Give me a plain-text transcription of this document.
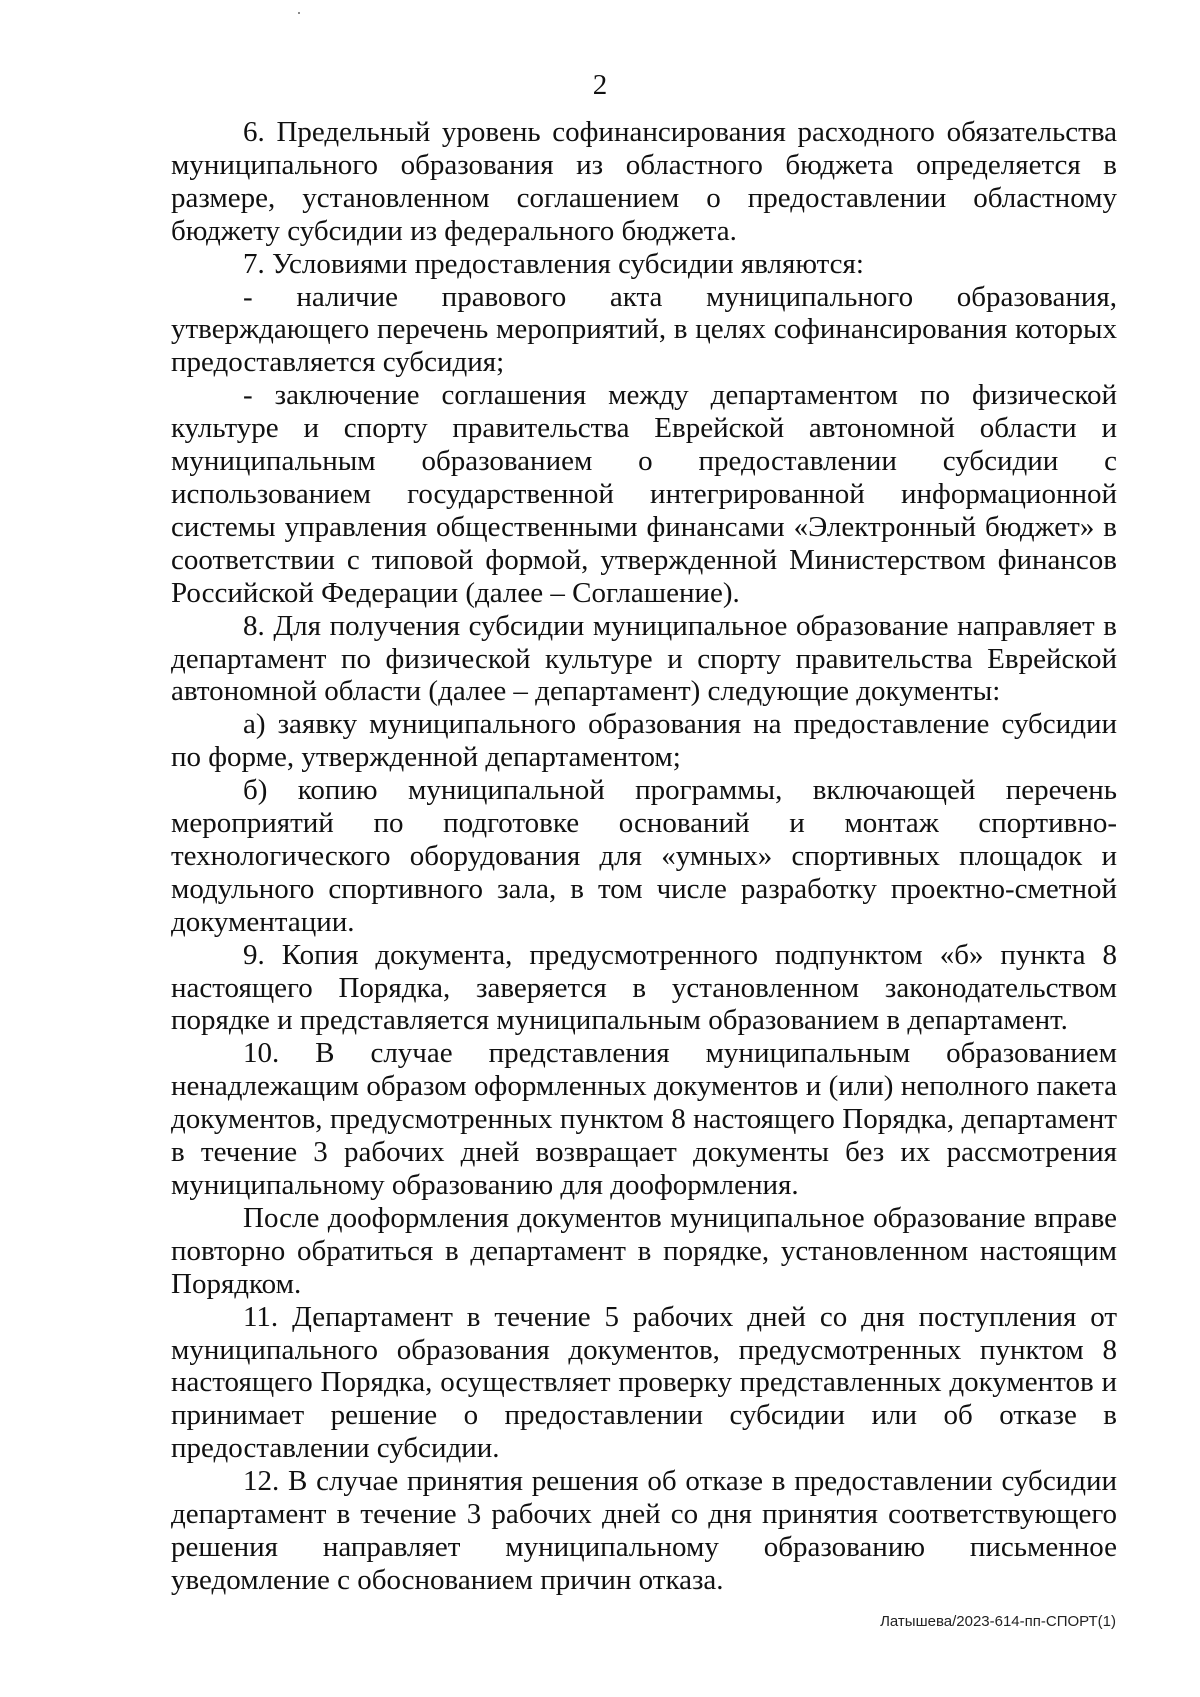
2

6. Предельный уровень софинансирования расходного обязательства муниципального образования из областного бюджета определяется в размере, установленном соглашением о предоставлении областному бюджету субсидии из федерального бюджета.

7. Условиями предоставления субсидии являются:

- наличие правового акта муниципального образования, утверждающего перечень мероприятий, в целях софинансирования которых предоставляется субсидия;

- заключение соглашения между департаментом по физической культуре и спорту правительства Еврейской автономной области и муниципальным образованием о предоставлении субсидии с использованием государственной интегрированной информационной системы управления общественными финансами «Электронный бюджет» в соответствии с типовой формой, утвержденной Министерством финансов Российской Федерации (далее – Соглашение).

8. Для получения субсидии муниципальное образование направляет в департамент по физической культуре и спорту правительства Еврейской автономной области (далее – департамент) следующие документы:

а) заявку муниципального образования на предоставление субсидии по форме, утвержденной департаментом;

б) копию муниципальной программы, включающей перечень мероприятий по подготовке оснований и монтаж спортивно-технологического оборудования для «умных» спортивных площадок и модульного спортивного зала, в том числе разработку проектно-сметной документации.

9. Копия документа, предусмотренного подпунктом «б» пункта 8 настоящего Порядка, заверяется в установленном законодательством порядке и представляется муниципальным образованием в департамент.

10. В случае представления муниципальным образованием ненадлежащим образом оформленных документов и (или) неполного пакета документов, предусмотренных пунктом 8 настоящего Порядка, департамент в течение 3 рабочих дней возвращает документы без их рассмотрения муниципальному образованию для дооформления.

После дооформления документов муниципальное образование вправе повторно обратиться в департамент в порядке, установленном настоящим Порядком.

11. Департамент в течение 5 рабочих дней со дня поступления от муниципального образования документов, предусмотренных пунктом 8 настоящего Порядка, осуществляет проверку представленных документов и принимает решение о предоставлении субсидии или об отказе в предоставлении субсидии.

12. В случае принятия решения об отказе в предоставлении субсидии департамент в течение 3 рабочих дней со дня принятия соответствующего решения направляет муниципальному образованию письменное уведомление с обоснованием причин отказа.

Латышева/2023-614-пп-СПОРТ(1)
